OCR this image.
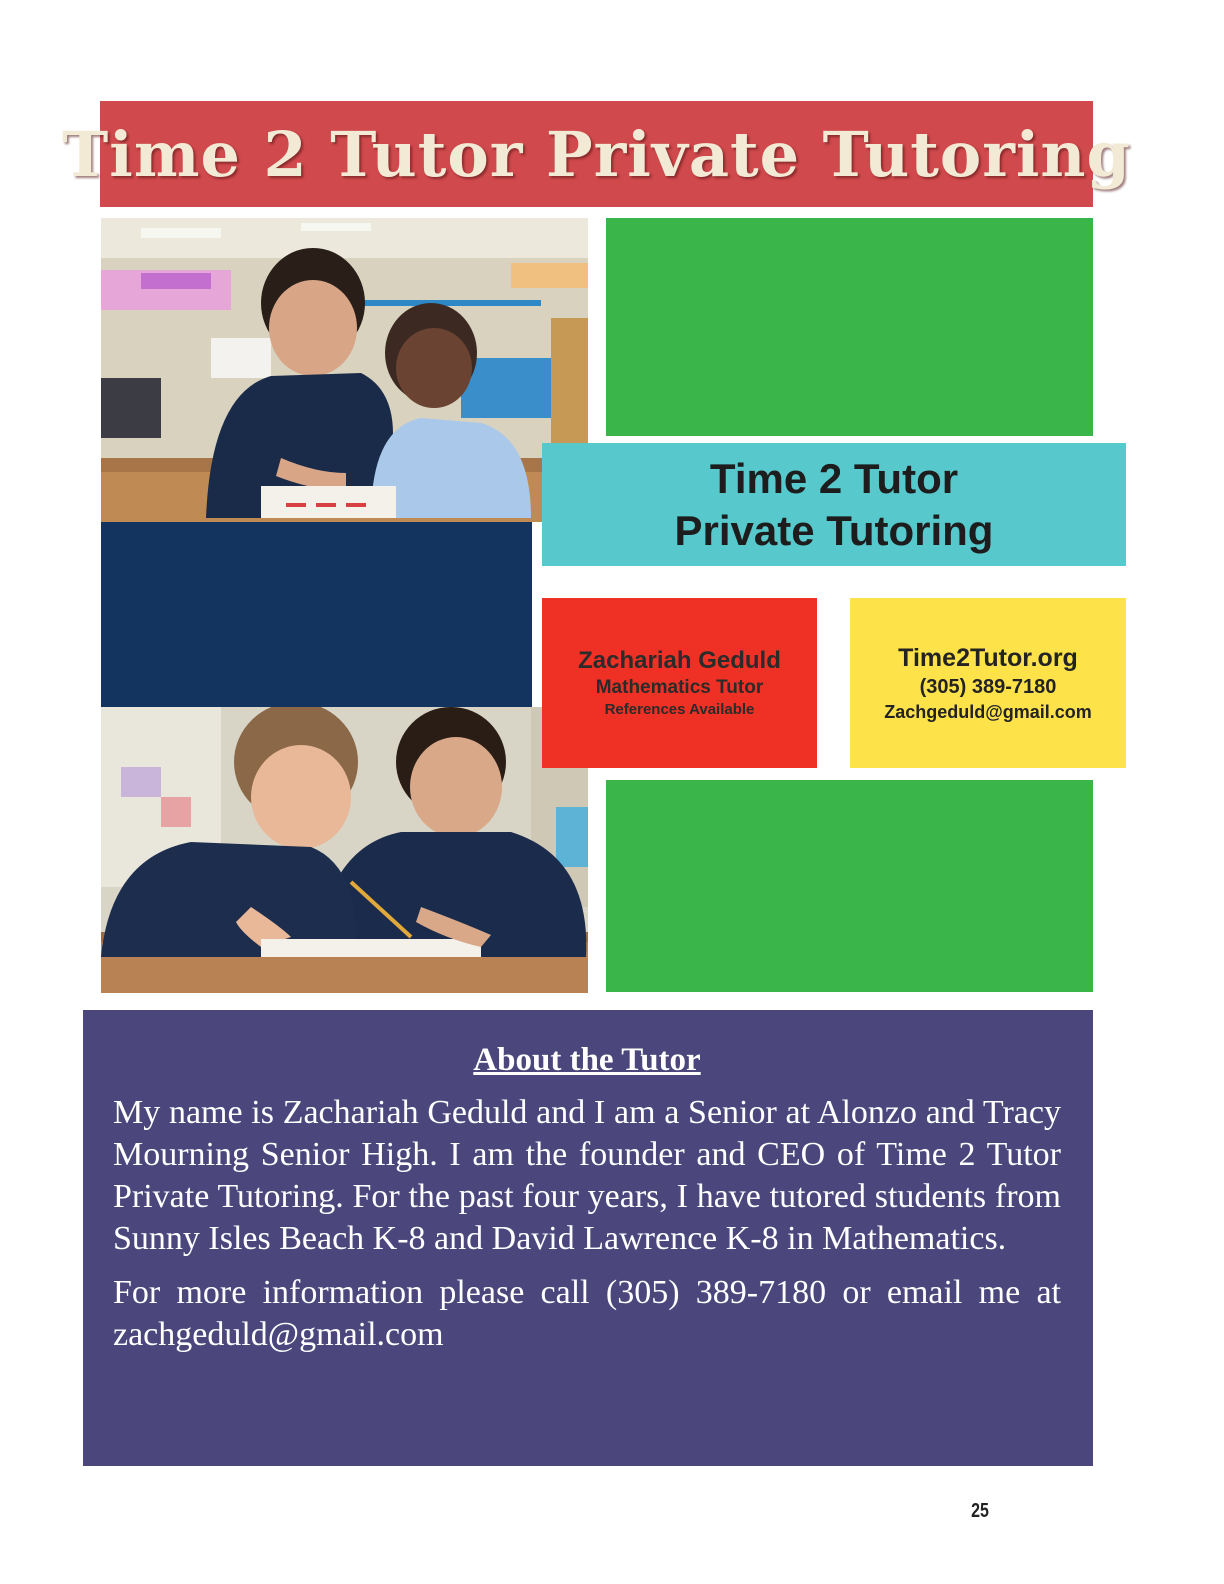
Time 2 Tutor Private Tutoring
Time 2 Tutor
Private Tutoring
Zachariah Geduld
Mathematics Tutor
References Available
Time2Tutor.org
(305) 389-7180
Zachgeduld@gmail.com
About the Tutor

My name is Zachariah Geduld and I am a Senior at Alonzo and Tracy Mourning Senior High. I am the founder and CEO of Time 2 Tutor Private Tutoring. For the past four years, I have tutored students from Sunny Isles Beach K-8 and David Lawrence K-8 in Mathematics.

For more information please call (305) 389-7180 or email me at zachgeduld@gmail.com

25
